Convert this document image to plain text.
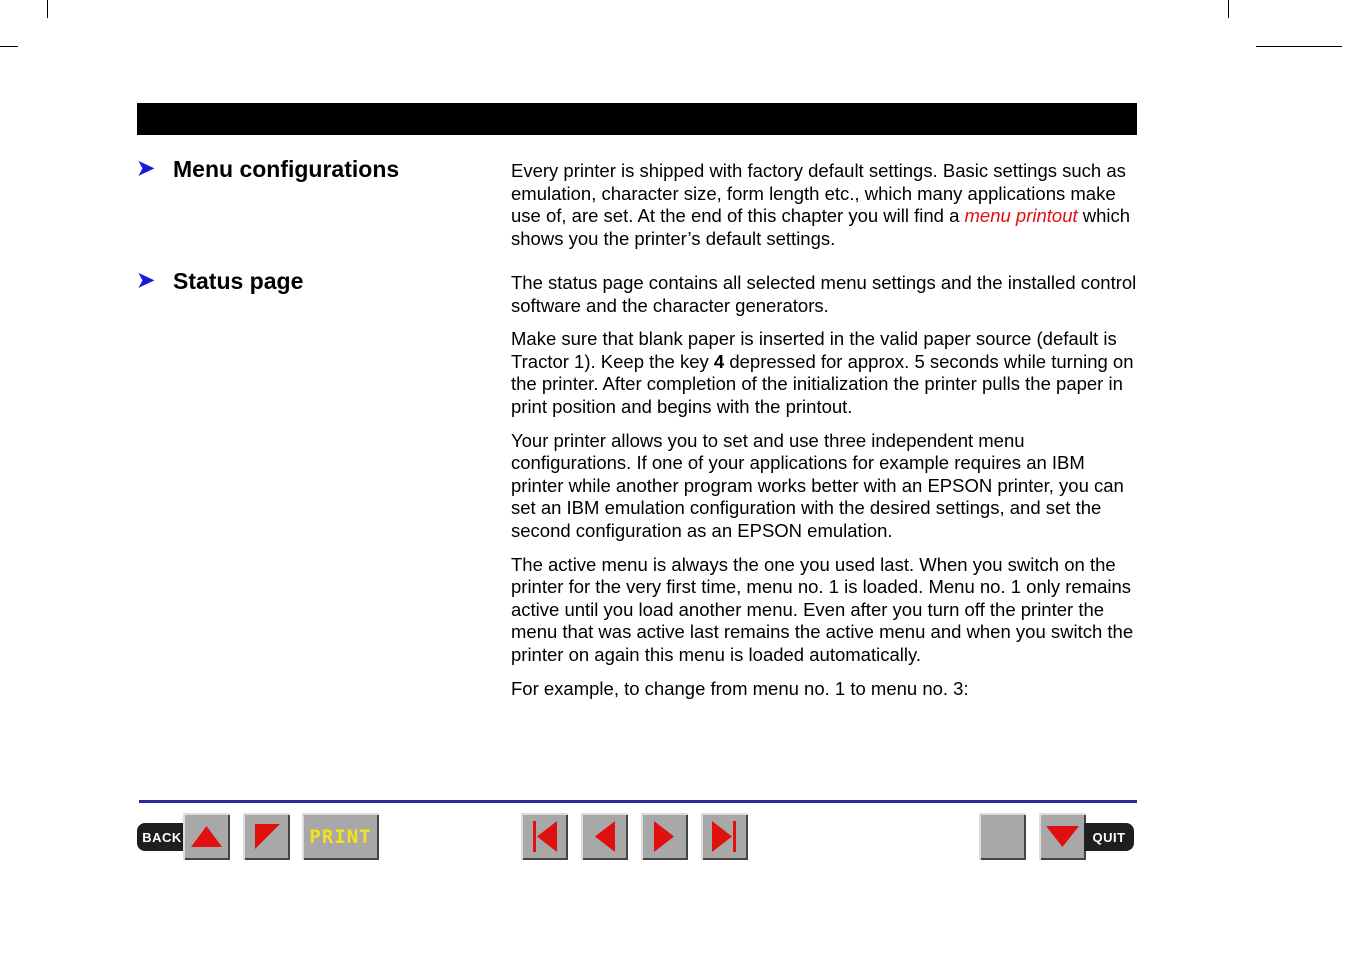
➤ Menu configurations	Every printer is shipped with factory default settings. Basic settings such as emulation, character size, form length etc., which many applications make use of, are set. At the end of this chapter you will find a menu printout which shows you the printer’s default settings.

➤ Status page	The status page contains all selected menu settings and the installed control software and the character generators.

Make sure that blank paper is inserted in the valid paper source (default is Tractor 1). Keep the key 4 depressed for approx. 5 seconds while turning on the printer. After completion of the initialization the printer pulls the paper in print position and begins with the printout.

Your printer allows you to set and use three independent menu configurations. If one of your applications for example requires an IBM printer while another program works better with an EPSON printer, you can set an IBM emulation configuration with the desired settings, and set the second configuration as an EPSON emulation.

The active menu is always the one you used last. When you switch on the printer for the very first time, menu no. 1 is loaded. Menu no. 1 only remains active until you load another menu. Even after you turn off the printer the menu that was active last remains the active menu and when you switch the printer on again this menu is loaded automatically.

For example, to change from menu no. 1 to menu no. 3:

BACK	PRINT	QUIT
